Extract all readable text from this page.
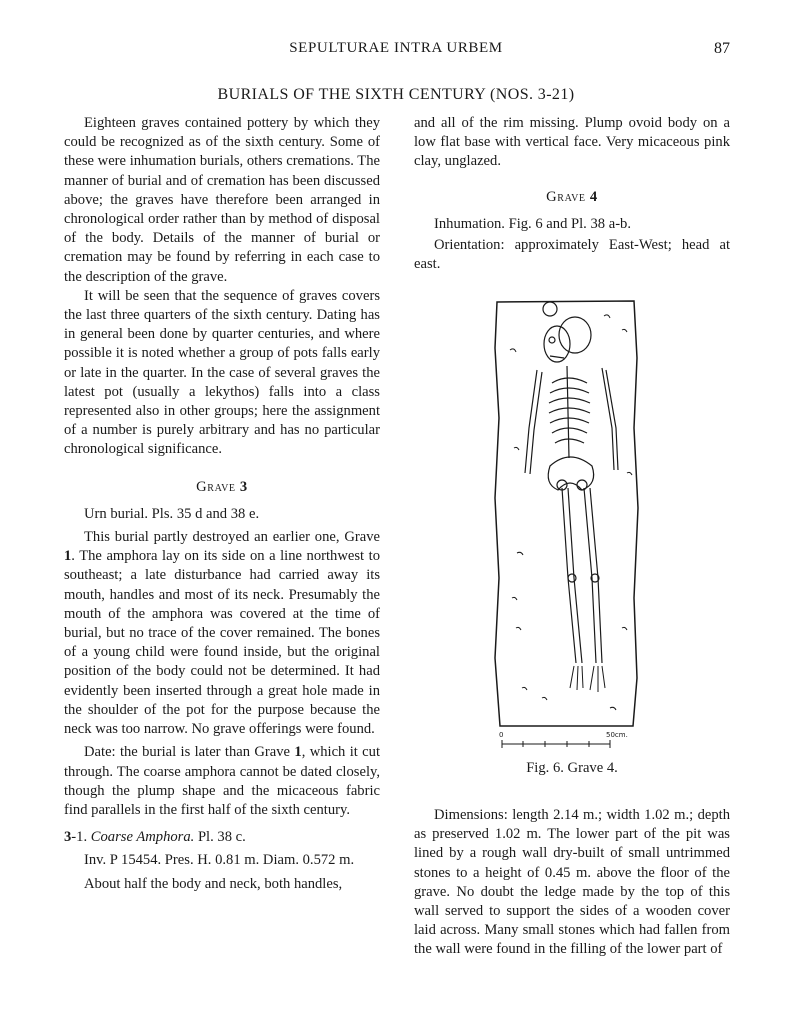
SEPULTURAE INTRA URBEM	87
BURIALS OF THE SIXTH CENTURY (NOS. 3-21)

Eighteen graves contained pottery by which they could be recognized as of the sixth century. Some of these were inhumation burials, others cremations. The manner of burial and of cremation has been discussed above; the graves have therefore been arranged in chronological order rather than by method of disposal of the body. Details of the manner of burial or cremation may be found by referring in each case to the description of the grave.

It will be seen that the sequence of graves covers the last three quarters of the sixth century. Dating has in general been done by quarter centuries, and where possible it is noted whether a group of pots falls early or late in the quarter. In the case of several graves the latest pot (usually a lekythos) falls into a class represented also in other groups; here the assignment of a number is purely arbitrary and has no particular chronological significance.

Grave 3

Urn burial. Pls. 35 d and 38 e.

This burial partly destroyed an earlier one, Grave 1. The amphora lay on its side on a line northwest to southeast; a late disturbance had carried away its mouth, handles and most of its neck. Presumably the mouth of the amphora was covered at the time of burial, but no trace of the cover remained. The bones of a young child were found inside, but the original position of the body could not be determined. It had evidently been inserted through a great hole made in the shoulder of the pot for the purpose because the neck was too narrow. No grave offerings were found.

Date: the burial is later than Grave 1, which it cut through. The coarse amphora cannot be dated closely, though the plump shape and the micaceous fabric find parallels in the first half of the sixth century.

3-1. Coarse Amphora. Pl. 38 c.

Inv. P 15454. Pres. H. 0.81 m. Diam. 0.572 m.

About half the body and neck, both handles,

and all of the rim missing. Plump ovoid body on a low flat base with vertical face. Very micaceous pink clay, unglazed.

Grave 4

Inhumation. Fig. 6 and Pl. 38 a-b.

Orientation: approximately East-West; head at east.

0	50cm.
Fig. 6. Grave 4.

Dimensions: length 2.14 m.; width 1.02 m.; depth as preserved 1.02 m. The lower part of the pit was lined by a rough wall dry-built of small untrimmed stones to a height of 0.45 m. above the floor of the grave. No doubt the ledge made by the top of this wall served to support the sides of a wooden cover laid across. Many small stones which had fallen from the wall were found in the filling of the lower part of
